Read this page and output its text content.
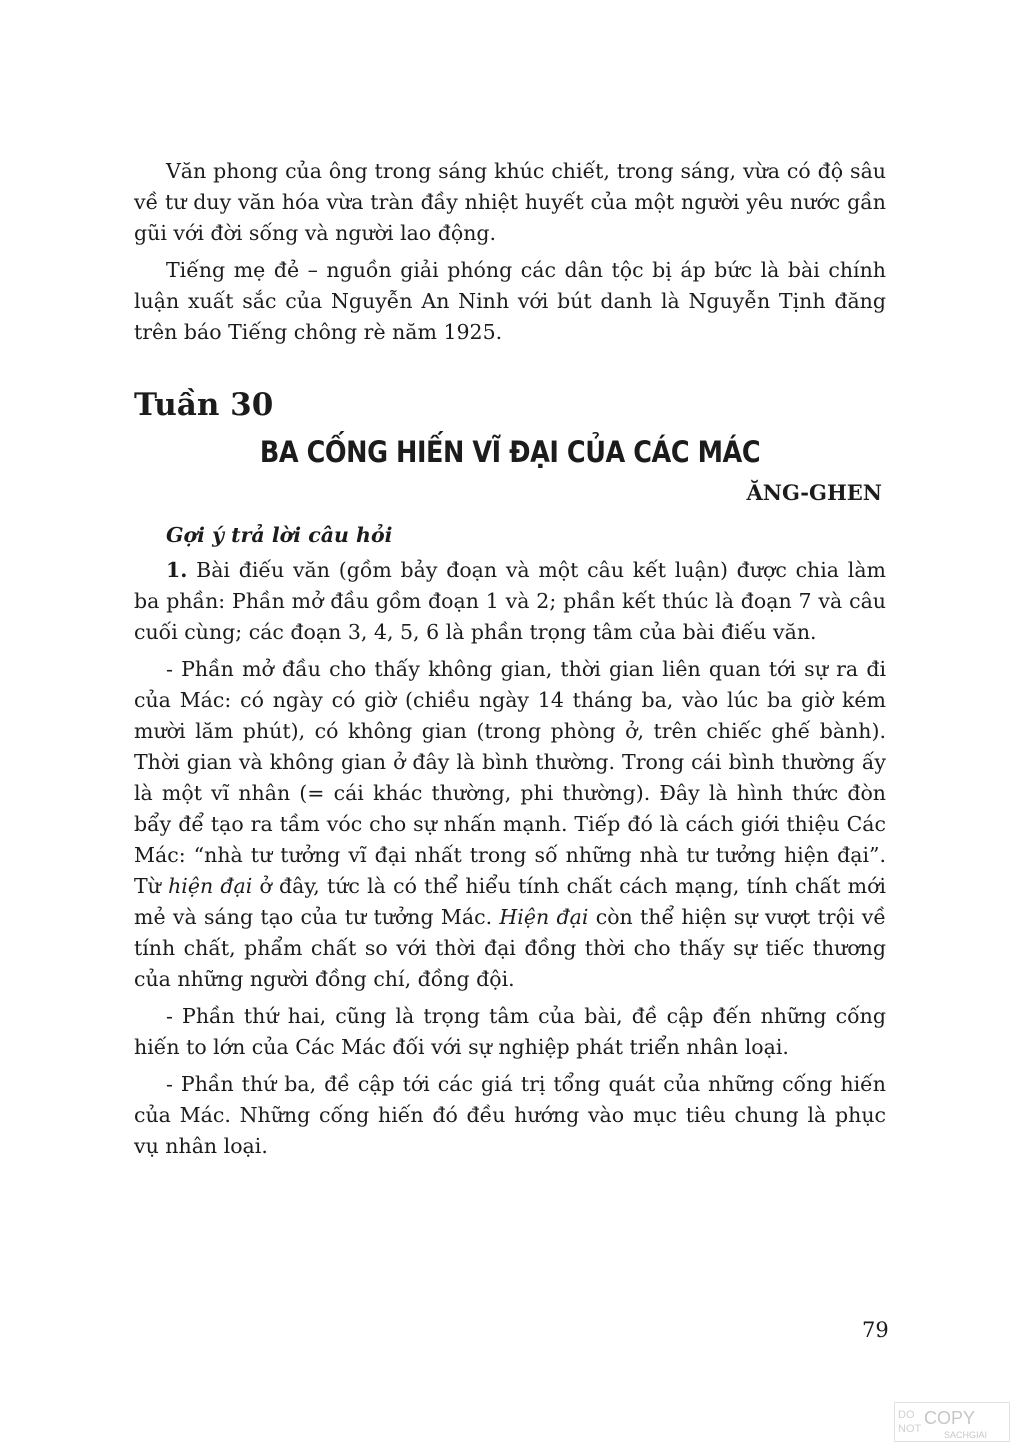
Văn phong của ông trong sáng khúc chiết, trong sáng, vừa có độ sâu về tư duy văn hóa vừa tràn đầy nhiệt huyết của một người yêu nước gần gũi với đời sống và người lao động.

Tiếng mẹ đẻ – nguồn giải phóng các dân tộc bị áp bức là bài chính luận xuất sắc của Nguyễn An Ninh với bút danh là Nguyễn Tịnh đăng trên báo Tiếng chông rè năm 1925.

Tuần 30
BA CỐNG HIẾN VĨ ĐẠI CỦA CÁC MÁC

ĂNG-GHEN

Gợi ý trả lời câu hỏi

1. Bài điếu văn (gồm bảy đoạn và một câu kết luận) được chia làm ba phần: Phần mở đầu gồm đoạn 1 và 2; phần kết thúc là đoạn 7 và câu cuối cùng; các đoạn 3, 4, 5, 6 là phần trọng tâm của bài điếu văn.

- Phần mở đầu cho thấy không gian, thời gian liên quan tới sự ra đi của Mác: có ngày có giờ (chiều ngày 14 tháng ba, vào lúc ba giờ kém mười lăm phút), có không gian (trong phòng ở, trên chiếc ghế bành). Thời gian và không gian ở đây là bình thường. Trong cái bình thường ấy là một vĩ nhân (= cái khác thường, phi thường). Đây là hình thức đòn bẩy để tạo ra tầm vóc cho sự nhấn mạnh. Tiếp đó là cách giới thiệu Các Mác: “nhà tư tưởng vĩ đại nhất trong số những nhà tư tưởng hiện đại”. Từ hiện đại ở đây, tức là có thể hiểu tính chất cách mạng, tính chất mới mẻ và sáng tạo của tư tưởng Mác. Hiện đại còn thể hiện sự vượt trội về tính chất, phẩm chất so với thời đại đồng thời cho thấy sự tiếc thương của những người đồng chí, đồng đội.

- Phần thứ hai, cũng là trọng tâm của bài, đề cập đến những cống hiến to lớn của Các Mác đối với sự nghiệp phát triển nhân loại.

- Phần thứ ba, đề cập tới các giá trị tổng quát của những cống hiến của Mác. Những cống hiến đó đều hướng vào mục tiêu chung là phục vụ nhân loại.

79

DO COPY
NOT	SACHGIAI
